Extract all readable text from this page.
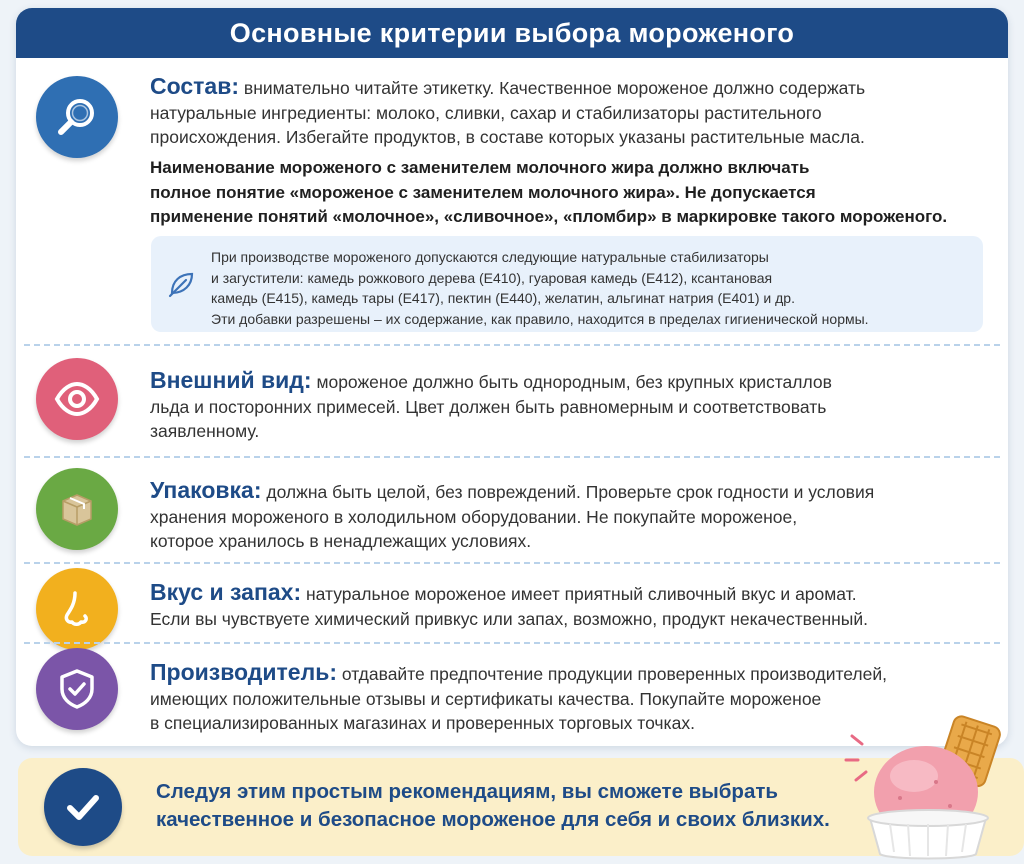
Основные критерии выбора мороженого
Состав: внимательно читайте этикетку. Качественное мороженое должно содержать
натуральные ингредиенты: молоко, сливки, сахар и стабилизаторы растительного
происхождения. Избегайте продуктов, в составе которых указаны растительные масла.
Наименование мороженого с заменителем молочного жира должно включать
полное понятие «мороженое с заменителем молочного жира». Не допускается
применение понятий «молочное», «сливочное», «пломбир» в маркировке такого мороженого.

При производстве мороженого допускаются следующие натуральные стабилизаторы
и загустители: камедь рожкового дерева (Е410), гуаровая камедь (Е412), ксантановая
камедь (Е415), камедь тары (Е417), пектин (Е440), желатин, альгинат натрия (Е401) и др.
Эти добавки разрешены – их содержание, как правило, находится в пределах гигиенической нормы.

Внешний вид: мороженое должно быть однородным, без крупных кристаллов
льда и посторонних примесей. Цвет должен быть равномерным и соответствовать
заявленному.
Упаковка: должна быть целой, без повреждений. Проверьте срок годности и условия
хранения мороженого в холодильном оборудовании. Не покупайте мороженое,
которое хранилось в ненадлежащих условиях.
Вкус и запах: натуральное мороженое имеет приятный сливочный вкус и аромат.
Если вы чувствуете химический привкус или запах, возможно, продукт некачественный.
Производитель: отдавайте предпочтение продукции проверенных производителей,
имеющих положительные отзывы и сертификаты качества. Покупайте мороженое
в специализированных магазинах и проверенных торговых точках.
Следуя этим простым рекомендациям, вы сможете выбрать
качественное и безопасное мороженое для себя и своих близких.
